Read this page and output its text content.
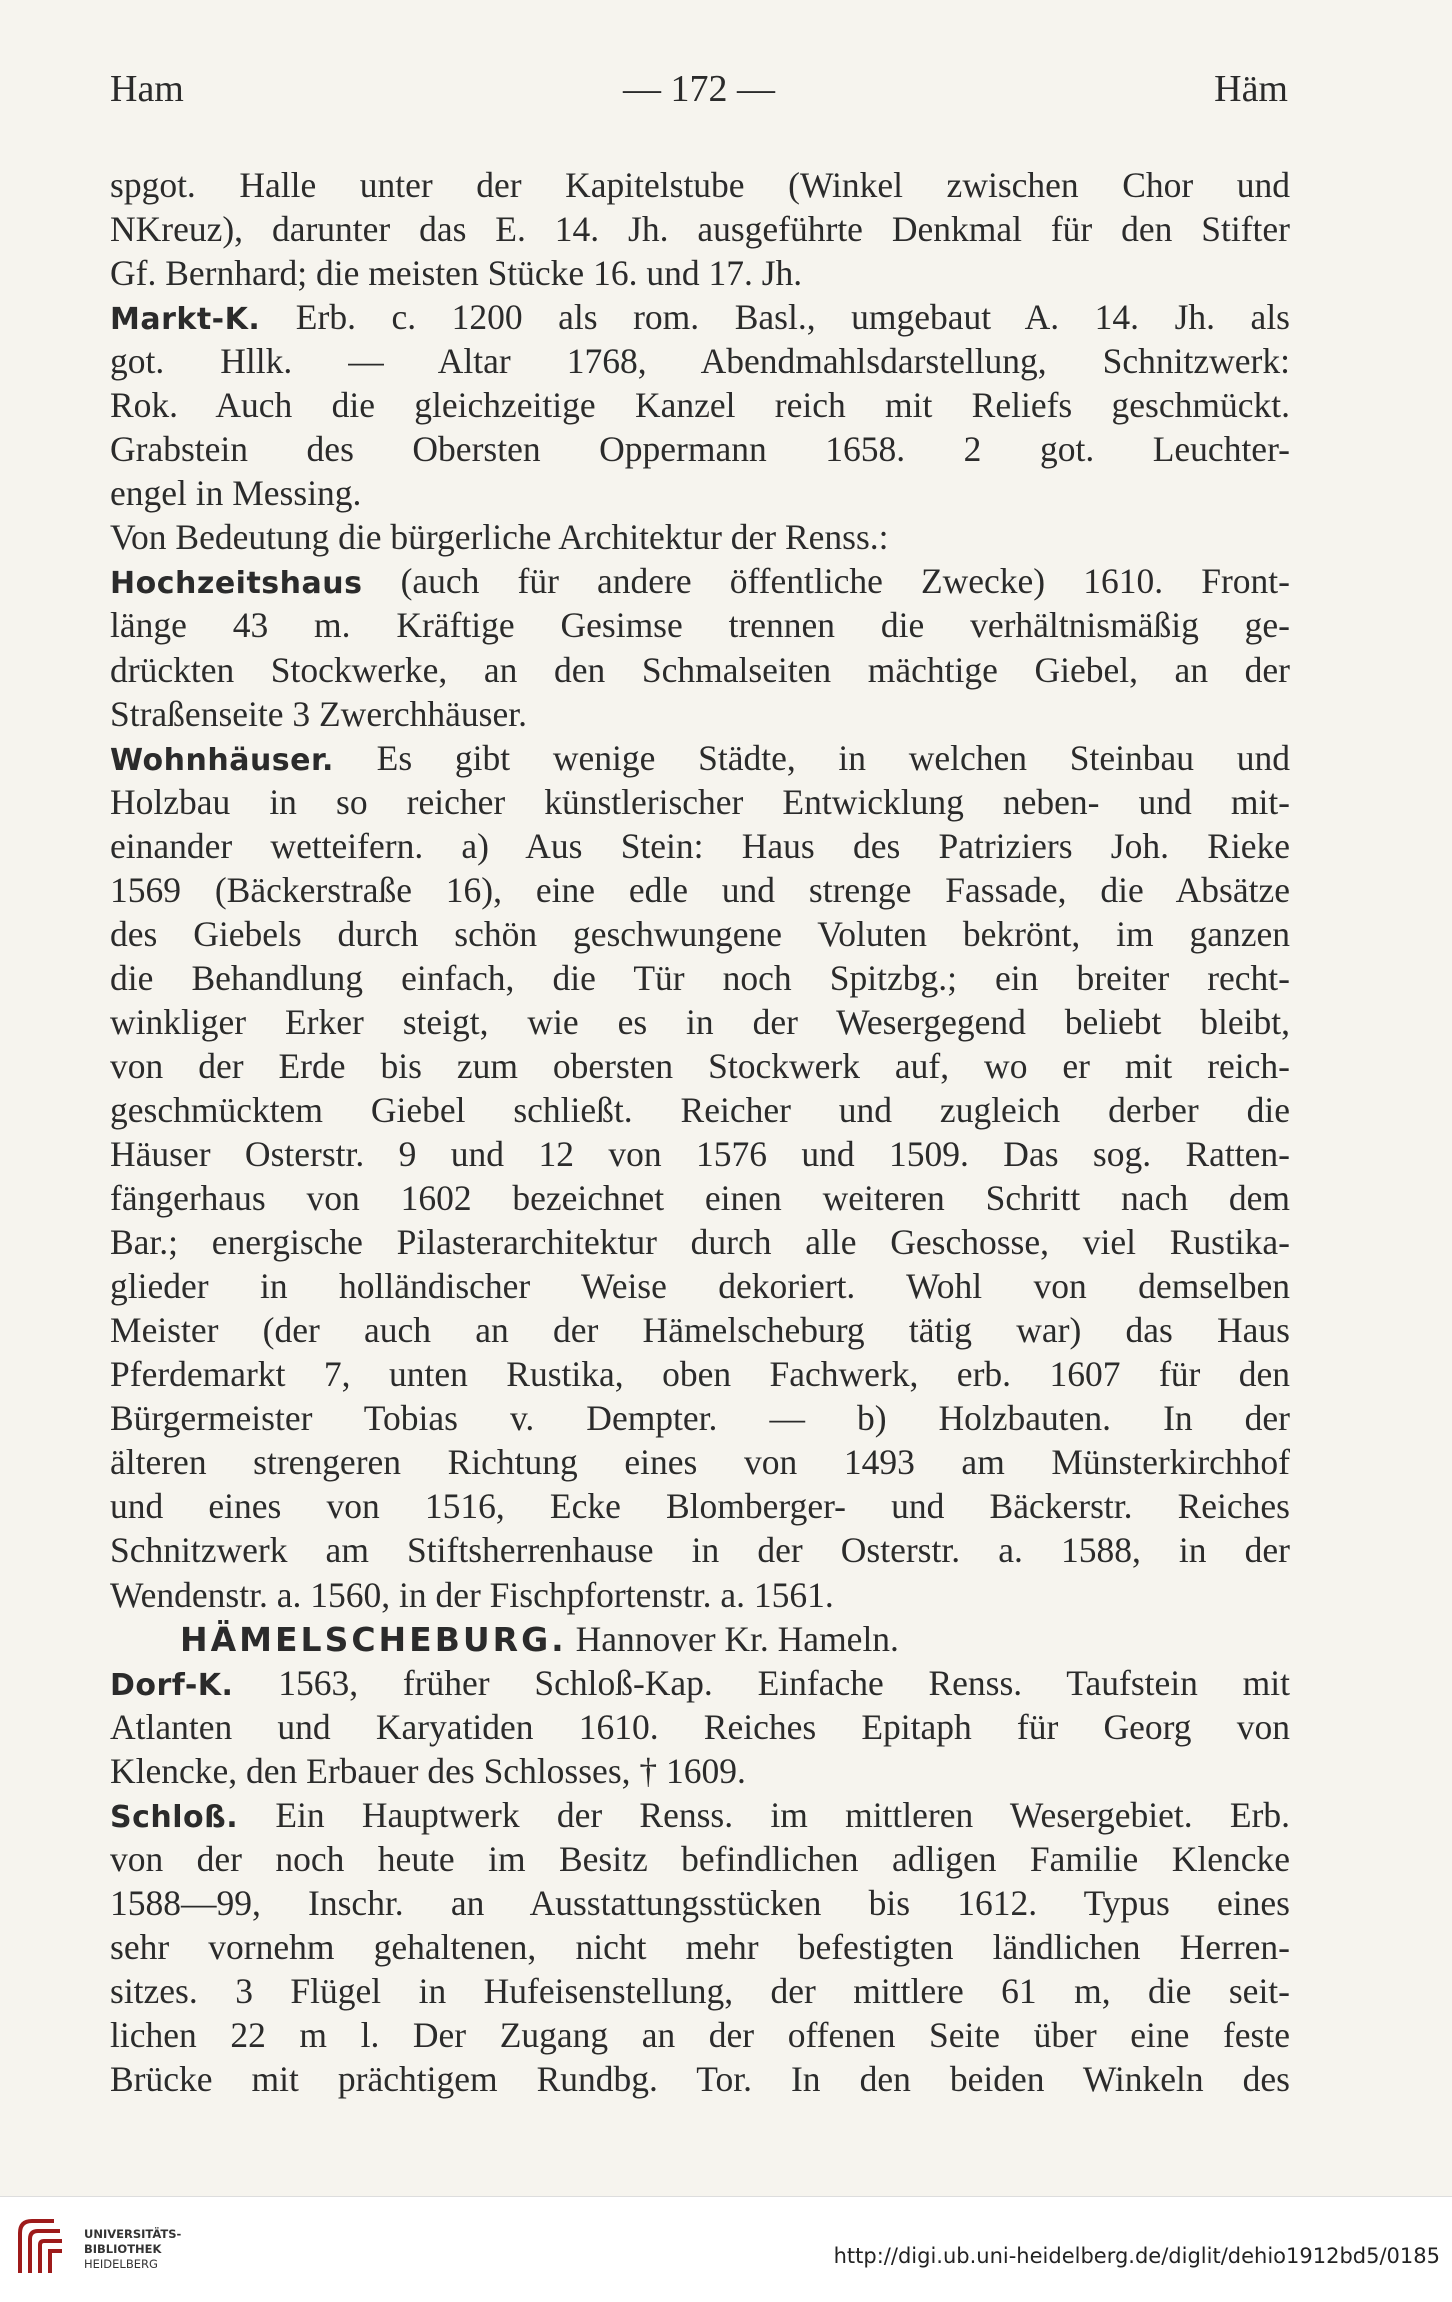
Ham	— 172 —	Häm
spgot. Halle unter der Kapitelstube (Winkel zwischen Chor und
NKreuz), darunter das E. 14. Jh. ausgeführte Denkmal für den Stifter
Gf. Bernhard; die meisten Stücke 16. und 17. Jh.
Markt-K. Erb. c. 1200 als rom. Basl., umgebaut A. 14. Jh. als
got. Hllk. — Altar 1768, Abendmahlsdarstellung, Schnitzwerk:
Rok. Auch die gleichzeitige Kanzel reich mit Reliefs geschmückt.
Grabstein des Obersten Oppermann 1658. 2 got. Leuchter-
engel in Messing.
Von Bedeutung die bürgerliche Architektur der Renss.:
Hochzeitshaus (auch für andere öffentliche Zwecke) 1610. Front-
länge 43 m. Kräftige Gesimse trennen die verhältnismäßig ge-
drückten Stockwerke, an den Schmalseiten mächtige Giebel, an der
Straßenseite 3 Zwerchhäuser.
Wohnhäuser. Es gibt wenige Städte, in welchen Steinbau und
Holzbau in so reicher künstlerischer Entwicklung neben- und mit-
einander wetteifern. a) Aus Stein: Haus des Patriziers Joh. Rieke
1569 (Bäckerstraße 16), eine edle und strenge Fassade, die Absätze
des Giebels durch schön geschwungene Voluten bekrönt, im ganzen
die Behandlung einfach, die Tür noch Spitzbg.; ein breiter recht-
winkliger Erker steigt, wie es in der Wesergegend beliebt bleibt,
von der Erde bis zum obersten Stockwerk auf, wo er mit reich-
geschmücktem Giebel schließt. Reicher und zugleich derber die
Häuser Osterstr. 9 und 12 von 1576 und 1509. Das sog. Ratten-
fängerhaus von 1602 bezeichnet einen weiteren Schritt nach dem
Bar.; energische Pilasterarchitektur durch alle Geschosse, viel Rustika-
glieder in holländischer Weise dekoriert. Wohl von demselben
Meister (der auch an der Hämelscheburg tätig war) das Haus
Pferdemarkt 7, unten Rustika, oben Fachwerk, erb. 1607 für den
Bürgermeister Tobias v. Dempter. — b) Holzbauten. In der
älteren strengeren Richtung eines von 1493 am Münsterkirchhof
und eines von 1516, Ecke Blomberger- und Bäckerstr. Reiches
Schnitzwerk am Stiftsherrenhause in der Osterstr. a. 1588, in der
Wendenstr. a. 1560, in der Fischpfortenstr. a. 1561.
HÄMELSCHEBURG. Hannover Kr. Hameln.
Dorf-K. 1563, früher Schloß-Kap. Einfache Renss. Taufstein mit
Atlanten und Karyatiden 1610. Reiches Epitaph für Georg von
Klencke, den Erbauer des Schlosses, † 1609.
Schloß. Ein Hauptwerk der Renss. im mittleren Wesergebiet. Erb.
von der noch heute im Besitz befindlichen adligen Familie Klencke
1588—99, Inschr. an Ausstattungsstücken bis 1612. Typus eines
sehr vornehm gehaltenen, nicht mehr befestigten ländlichen Herren-
sitzes. 3 Flügel in Hufeisenstellung, der mittlere 61 m, die seit-
lichen 22 m l. Der Zugang an der offenen Seite über eine feste
Brücke mit prächtigem Rundbg. Tor. In den beiden Winkeln des
UNIVERSITÄTS-
BIBLIOTHEK
HEIDELBERG	http://digi.ub.uni-heidelberg.de/diglit/dehio1912bd5/0185
